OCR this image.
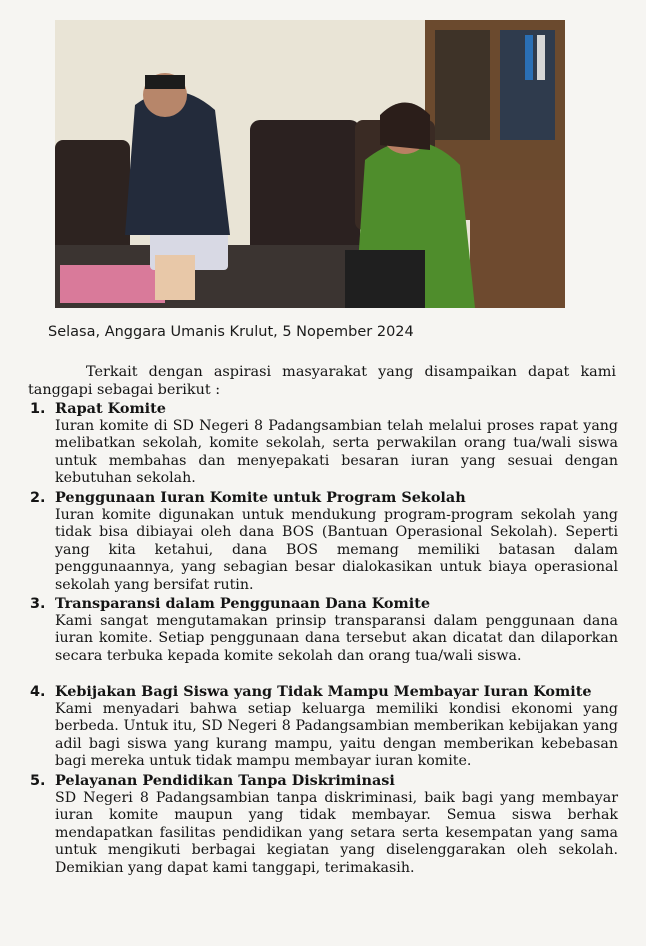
Selasa, Anggara Umanis Krulut, 5 Nopember 2024

Terkait dengan aspirasi masyarakat yang disampaikan dapat kami tanggapi sebagai berikut :

1. Rapat Komite

Iuran komite di SD Negeri 8 Padangsambian telah melalui proses rapat yang melibatkan sekolah, komite sekolah, serta perwakilan orang tua/wali siswa untuk membahas dan menyepakati besaran iuran yang sesuai dengan kebutuhan sekolah.

2. Penggunaan Iuran Komite untuk Program Sekolah

Iuran komite digunakan untuk mendukung program-program sekolah yang tidak bisa dibiayai oleh dana BOS (Bantuan Operasional Sekolah). Seperti yang kita ketahui, dana BOS memang memiliki batasan dalam penggunaannya, yang sebagian besar dialokasikan untuk biaya operasional sekolah yang bersifat rutin.

3. Transparansi dalam Penggunaan Dana Komite

Kami sangat mengutamakan prinsip transparansi dalam penggunaan dana iuran komite. Setiap penggunaan dana tersebut akan dicatat dan dilaporkan secara terbuka kepada komite sekolah dan orang tua/wali siswa.

4. Kebijakan Bagi Siswa yang Tidak Mampu Membayar Iuran Komite

Kami menyadari bahwa setiap keluarga memiliki kondisi ekonomi yang berbeda. Untuk itu, SD Negeri 8 Padangsambian memberikan kebijakan yang adil bagi siswa yang kurang mampu, yaitu dengan memberikan kebebasan bagi mereka untuk tidak mampu membayar iuran komite.

5. Pelayanan Pendidikan Tanpa Diskriminasi

SD Negeri 8 Padangsambian tanpa diskriminasi, baik bagi yang membayar iuran komite maupun yang tidak membayar. Semua siswa berhak mendapatkan fasilitas pendidikan yang setara serta kesempatan yang sama untuk mengikuti berbagai kegiatan yang diselenggarakan oleh sekolah. Demikian yang dapat kami tanggapi, terimakasih.
